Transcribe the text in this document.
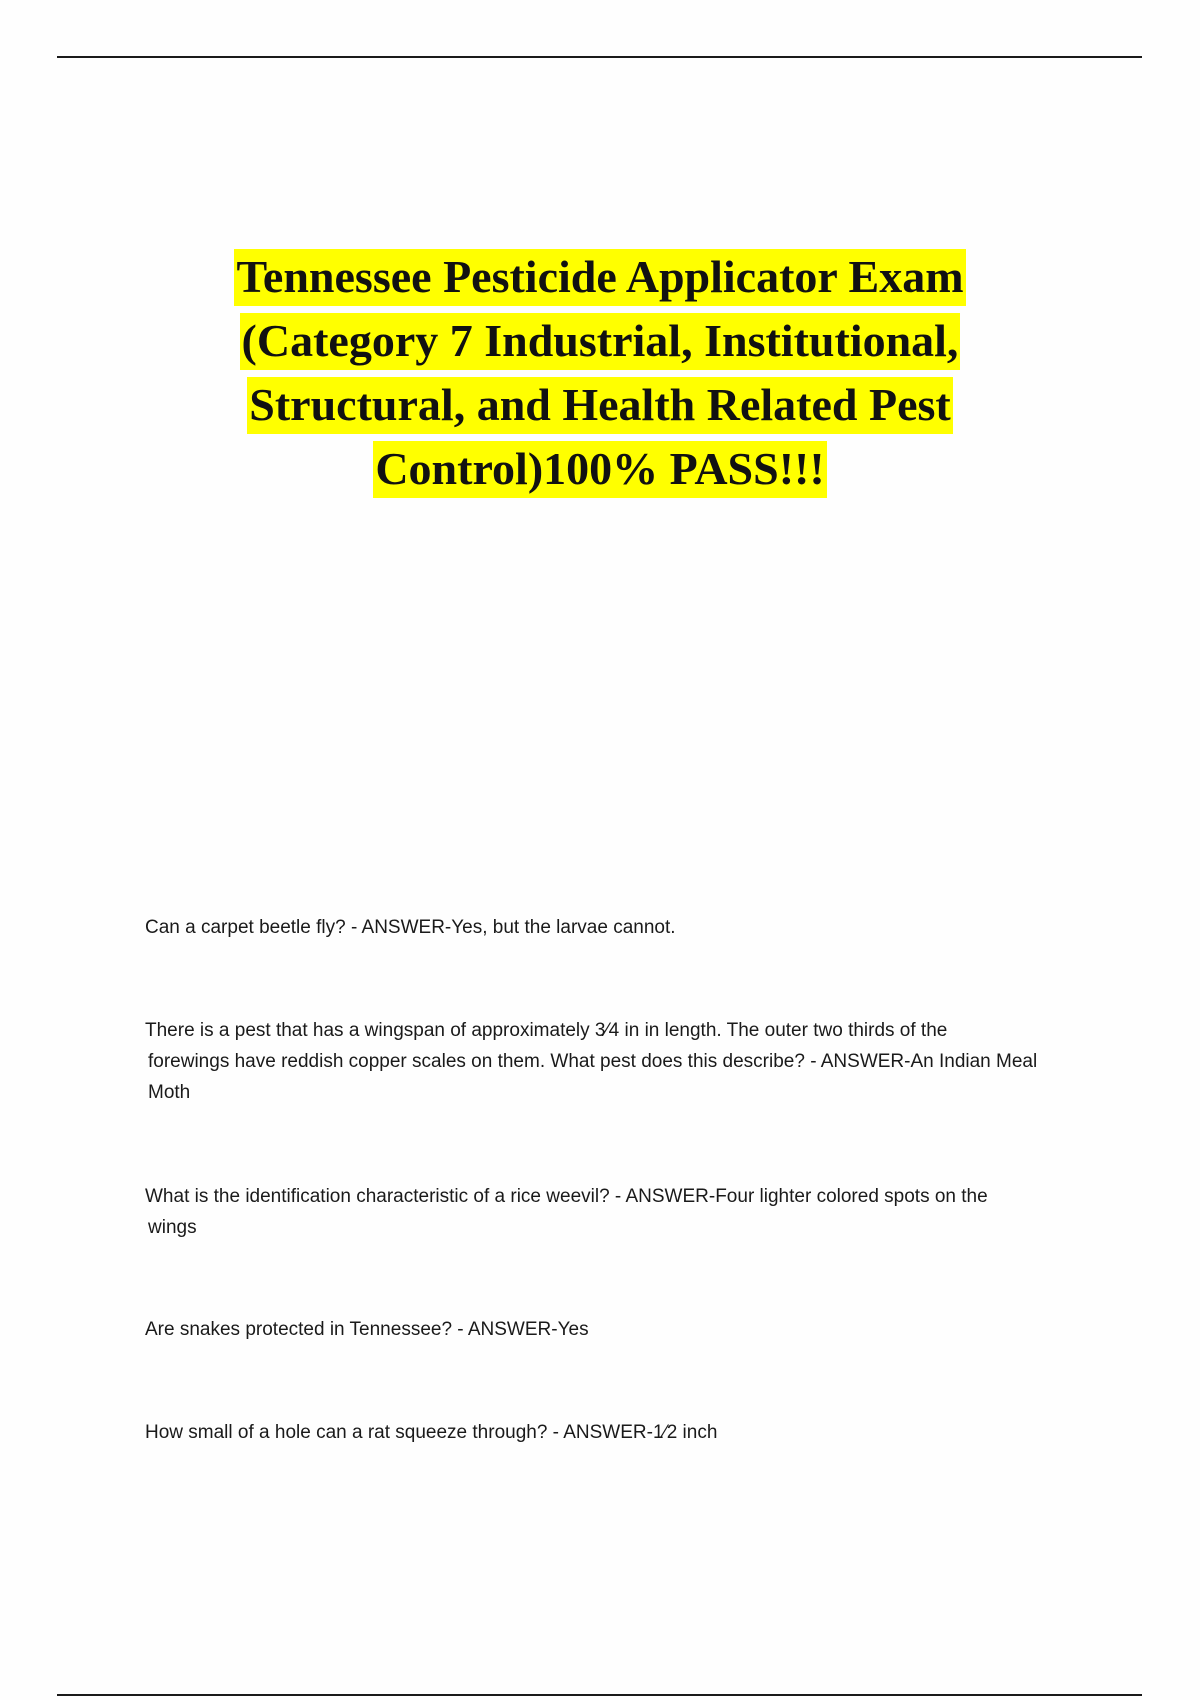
Tennessee Pesticide Applicator Exam
(Category 7 Industrial, Institutional,
Structural, and Health Related Pest
Control)100% PASS!!!
Can a carpet beetle fly? - ANSWER-Yes, but the larvae cannot.
There is a pest that has a wingspan of approximately 3⁄4 in in length. The outer two thirds of the
forewings have reddish copper scales on them. What pest does this describe? - ANSWER-An Indian Meal
Moth
What is the identification characteristic of a rice weevil? - ANSWER-Four lighter colored spots on the
wings
Are snakes protected in Tennessee? - ANSWER-Yes
How small of a hole can a rat squeeze through? - ANSWER-1⁄2 inch
